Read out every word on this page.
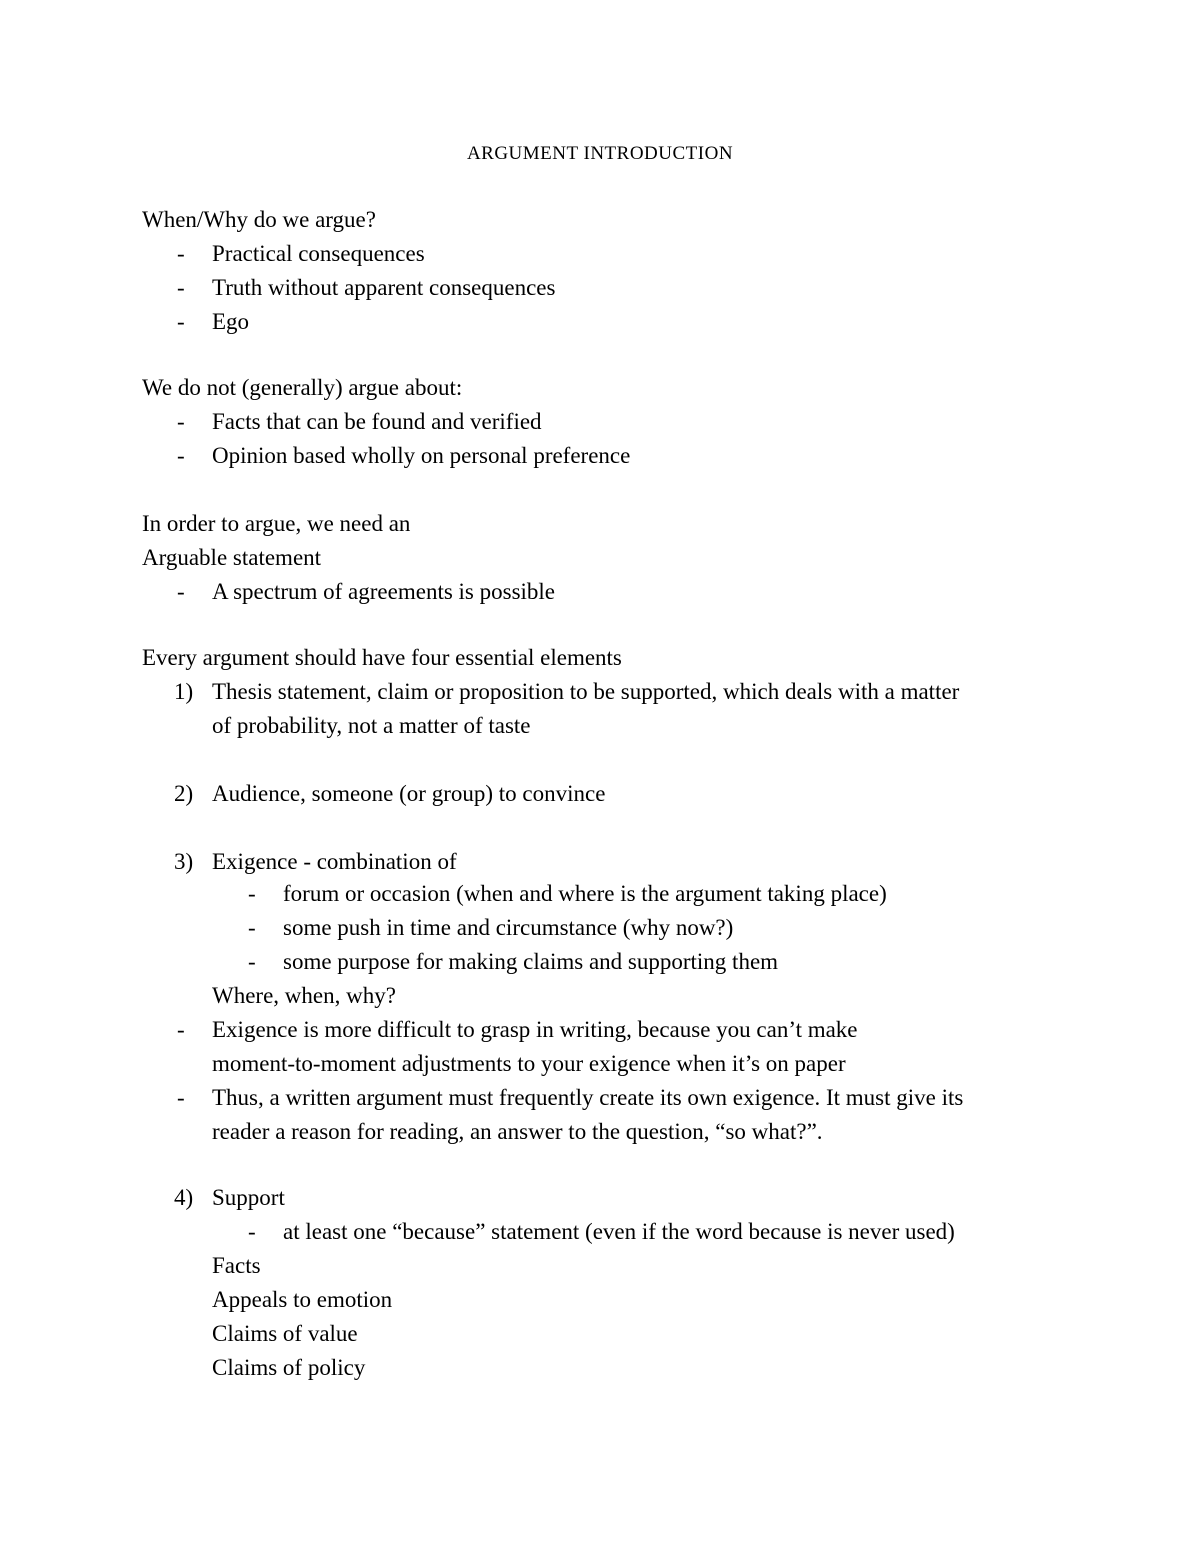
ARGUMENT INTRODUCTION
When/Why do we argue?
- Practical consequences
- Truth without apparent consequences
- Ego
We do not (generally) argue about:
- Facts that can be found and verified
- Opinion based wholly on personal preference
In order to argue, we need an
Arguable statement
- A spectrum of agreements is possible
Every argument should have four essential elements
1) Thesis statement, claim or proposition to be supported, which deals with a matter
of probability, not a matter of taste
2) Audience, someone (or group) to convince
3) Exigence - combination of
- forum or occasion (when and where is the argument taking place)
- some push in time and circumstance (why now?)
- some purpose for making claims and supporting them
Where, when, why?
- Exigence is more difficult to grasp in writing, because you can’t make
moment-to-moment adjustments to your exigence when it’s on paper
- Thus, a written argument must frequently create its own exigence. It must give its
reader a reason for reading, an answer to the question, “so what?”.
4) Support
- at least one “because” statement (even if the word because is never used)
Facts
Appeals to emotion
Claims of value
Claims of policy
